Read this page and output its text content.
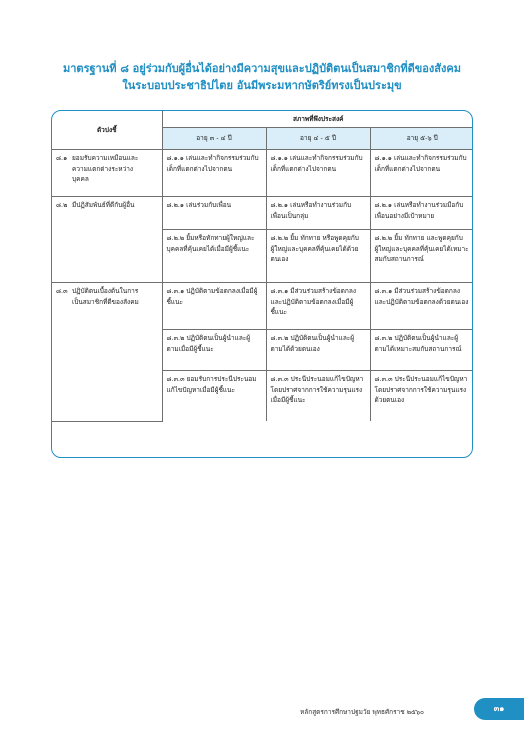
มาตรฐานที่ ๘ อยู่ร่วมกับผู้อื่นได้อย่างมีความสุขและปฏิบัติตนเป็นสมาชิกที่ดีของสังคม
ในระบอบประชาธิปไตย อันมีพระมหากษัตริย์ทรงเป็นประมุข
ตัวบ่งชี้	สภาพที่พึงประสงค์		
	อายุ ๓ - ๔ ปี	อายุ ๔ - ๕ ปี	อายุ ๕-๖ ปี
๘.๑ ยอมรับความเหมือนและความแตกต่างระหว่างบุคคล	๘.๑.๑ เล่นและทำกิจกรรมร่วมกับเด็กที่แตกต่างไปจากตน	๘.๑.๑ เล่นและทำกิจกรรมร่วมกับเด็กที่แตกต่างไปจากตน	๘.๑.๑ เล่นและทำกิจกรรมร่วมกับเด็กที่แตกต่างไปจากตน
๘.๒ มีปฏิสัมพันธ์ที่ดีกับผู้อื่น	๘.๒.๑ เล่นร่วมกับเพื่อน	๘.๒.๑ เล่นหรือทำงานร่วมกับเพื่อนเป็นกลุ่ม	๘.๒.๑ เล่นหรือทำงานร่วมมือกับเพื่อนอย่างมีเป้าหมาย
	๘.๒.๒ ยิ้มหรือทักทายผู้ใหญ่และบุคคลที่คุ้นเคยได้เมื่อมีผู้ชี้แนะ	๘.๒.๒ ยิ้ม ทักทาย หรือพูดคุยกับผู้ใหญ่และบุคคลที่คุ้นเคยได้ด้วยตนเอง	๘.๒.๒ ยิ้ม ทักทาย และพูดคุยกับผู้ใหญ่และบุคคลที่คุ้นเคยได้เหมาะสมกับสถานการณ์
๘.๓ ปฏิบัติตนเบื้องต้นในการเป็นสมาชิกที่ดีของสังคม	๘.๓.๑ ปฏิบัติตามข้อตกลงเมื่อมีผู้ชี้แนะ	๘.๓.๑ มีส่วนร่วมสร้างข้อตกลงและปฏิบัติตามข้อตกลงเมื่อมีผู้ชี้แนะ	๘.๓.๑ มีส่วนร่วมสร้างข้อตกลงและปฏิบัติตามข้อตกลงด้วยตนเอง
	๘.๓.๒ ปฏิบัติตนเป็นผู้นำและผู้ตามเมื่อมีผู้ชี้แนะ	๘.๓.๒ ปฏิบัติตนเป็นผู้นำและผู้ตามได้ด้วยตนเอง	๘.๓.๒ ปฏิบัติตนเป็นผู้นำและผู้ตามได้เหมาะสมกับสถานการณ์
	๘.๓.๓ ยอมรับการประนีประนอมแก้ไขปัญหาเมื่อมีผู้ชี้แนะ	๘.๓.๓ ประนีประนอมแก้ไขปัญหาโดยปราศจากการใช้ความรุนแรงเมื่อมีผู้ชี้แนะ	๘.๓.๓ ประนีประนอมแก้ไขปัญหาโดยปราศจากการใช้ความรุนแรงด้วยตนเอง
หลักสูตรการศึกษาปฐมวัย พุทธศักราช ๒๕๖๐	๓๑
